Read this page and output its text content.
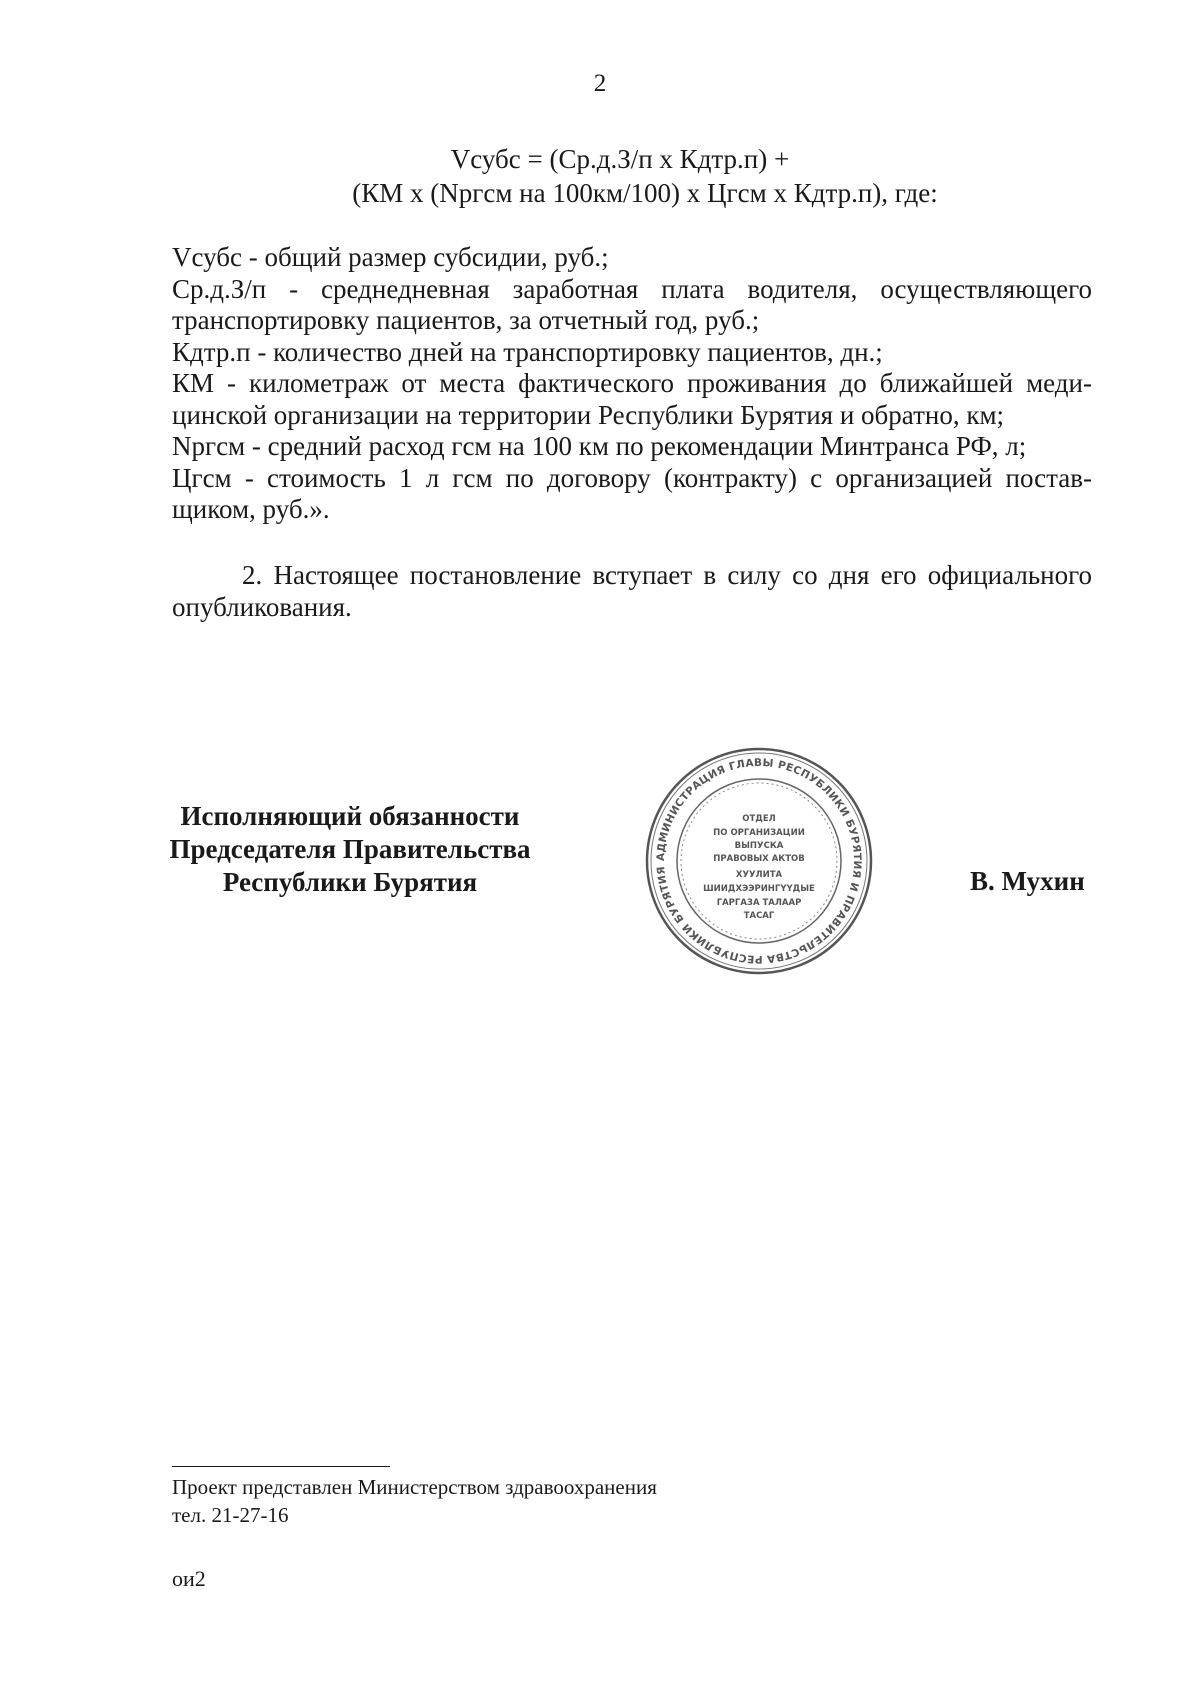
2
Vсубс = (Ср.д.З/п х Кдтр.п) +
(КМ х (Nргсм на 100км/100) х Цгсм х Кдтр.п), где:

Vсубс - общий размер субсидии, руб.;

Ср.д.З/п - среднедневная заработная плата водителя, осуществляющего транспортировку пациентов, за отчетный год, руб.;

Кдтр.п - количество дней на транспортировку пациентов, дн.;

КМ - километраж от места фактического проживания до ближайшей медицинской организации на территории Республики Бурятия и обратно, км;

Nргсм - средний расход гсм на 100 км по рекомендации Минтранса РФ, л;

Цгсм - стоимость 1 л гсм по договору (контракту) с организацией поставщиком, руб.».

2. Настоящее постановление вступает в силу со дня его официального опубликования.

Исполняющий обязанности
Председателя Правительства
Республики Бурятия
АДМИНИСТРАЦИЯ ГЛАВЫ РЕСПУБЛИКИ БУРЯТИЯ И ПРАВИТЕЛЬСТВА РЕСПУБЛИКИ БУРЯТИЯ
ОТДЕЛ
ПО ОРГАНИЗАЦИИ
ВЫПУСКА
ПРАВОВЫХ АКТОВ
ХУУЛИТА
ШИИДХЭЭРИНГҮҮДЫЕ
ГАРГАЗА ТАЛААР
ТАСАГ
В. Мухин
Проект представлен Министерством здравоохранения
тел. 21-27-16
ои2
